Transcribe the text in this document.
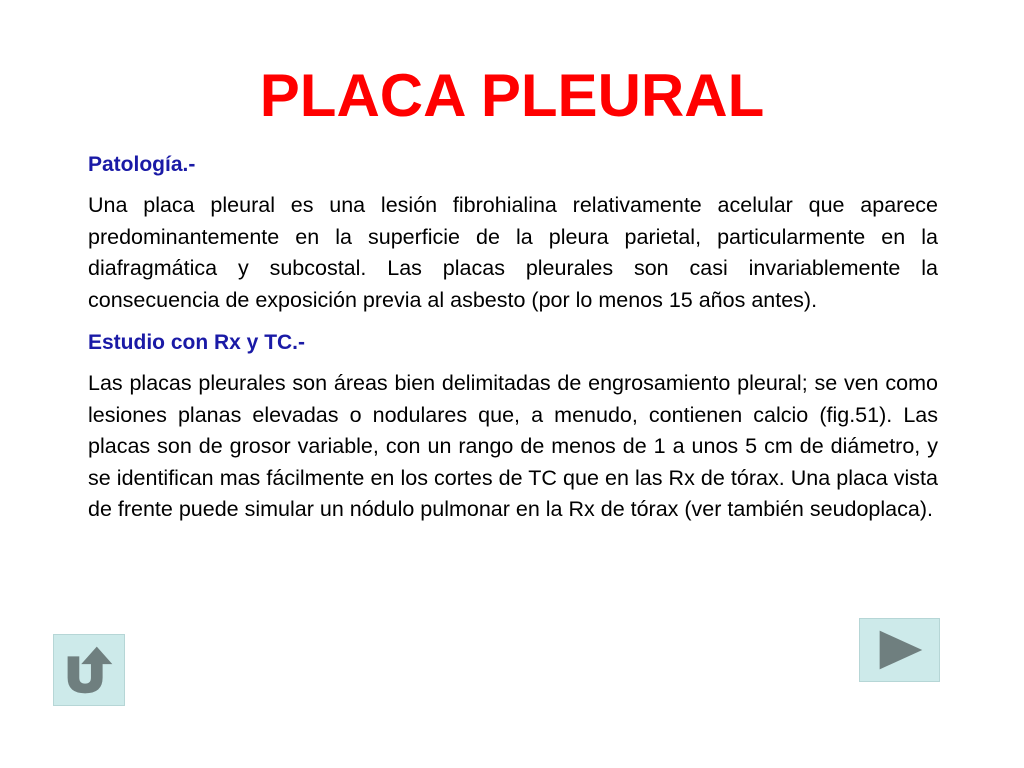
PLACA PLEURAL
Patología.-

Una placa pleural es una lesión fibrohialina relativamente acelular que aparece predominantemente en la superficie de la pleura parietal, particularmente en la diafragmática y subcostal. Las placas pleurales son casi invariablemente la consecuencia de exposición previa al asbesto (por lo menos 15 años antes).

Estudio con Rx y TC.-

Las placas pleurales son áreas bien delimitadas de engrosamiento pleural; se ven como lesiones planas elevadas o nodulares que, a menudo, contienen calcio (fig.51). Las placas son de grosor variable, con un rango de menos de 1 a unos 5 cm de diámetro, y se identifican mas fácilmente en los cortes de TC que en las Rx de tórax. Una placa vista de frente puede simular un nódulo pulmonar en la Rx de tórax (ver también seudoplaca).
